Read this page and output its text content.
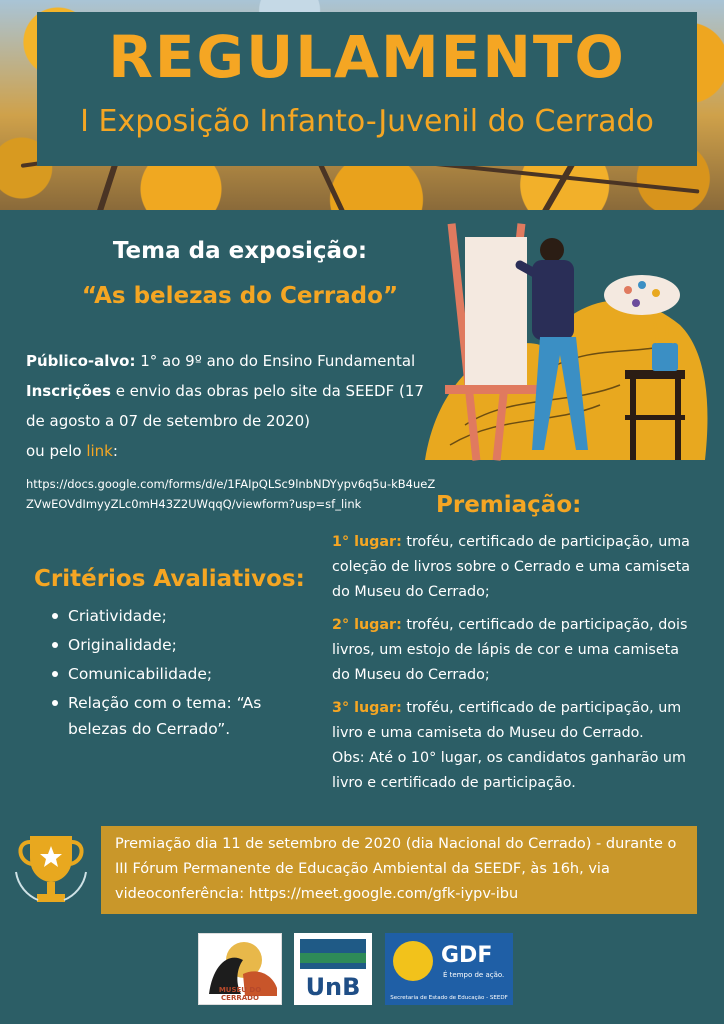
REGULAMENTO
I Exposição Infanto-Juvenil do Cerrado
Tema da exposição:
“As belezas do Cerrado”
Público-alvo: 1° ao 9º ano do Ensino Fundamental
Inscrições e envio das obras pelo site da SEEDF (17 de agosto a 07 de setembro de 2020)
ou pelo link:
https://docs.google.com/forms/d/e/1FAIpQLSc9lnbNDYypv6q5u-kB4ueZZVwEOVdImyyZLc0mH43Z2UWqqQ/viewform?usp=sf_link
Critérios Avaliativos:
Criatividade;
Originalidade;
Comunicabilidade;
Relação com o tema: “As belezas do Cerrado”.
Premiação:

1° lugar: troféu, certificado de participação, uma coleção de livros sobre o Cerrado e uma camiseta do Museu do Cerrado;

2° lugar: troféu, certificado de participação, dois livros, um estojo de lápis de cor e uma camiseta do Museu do Cerrado;

3° lugar: troféu, certificado de participação, um livro e uma camiseta do Museu do Cerrado.

Obs: Até o 10° lugar, os candidatos ganharão um livro e certificado de participação.

Premiação dia 11 de setembro de 2020 (dia Nacional do Cerrado) - durante o III Fórum Permanente de Educação Ambiental da SEEDF, às 16h, via videoconferência: https://meet.google.com/gfk-iypv-ibu
MUSEU DO CERRADO	UnB
GDF
É tempo de ação.
Secretaria de Estado de Educação - SEEDF
